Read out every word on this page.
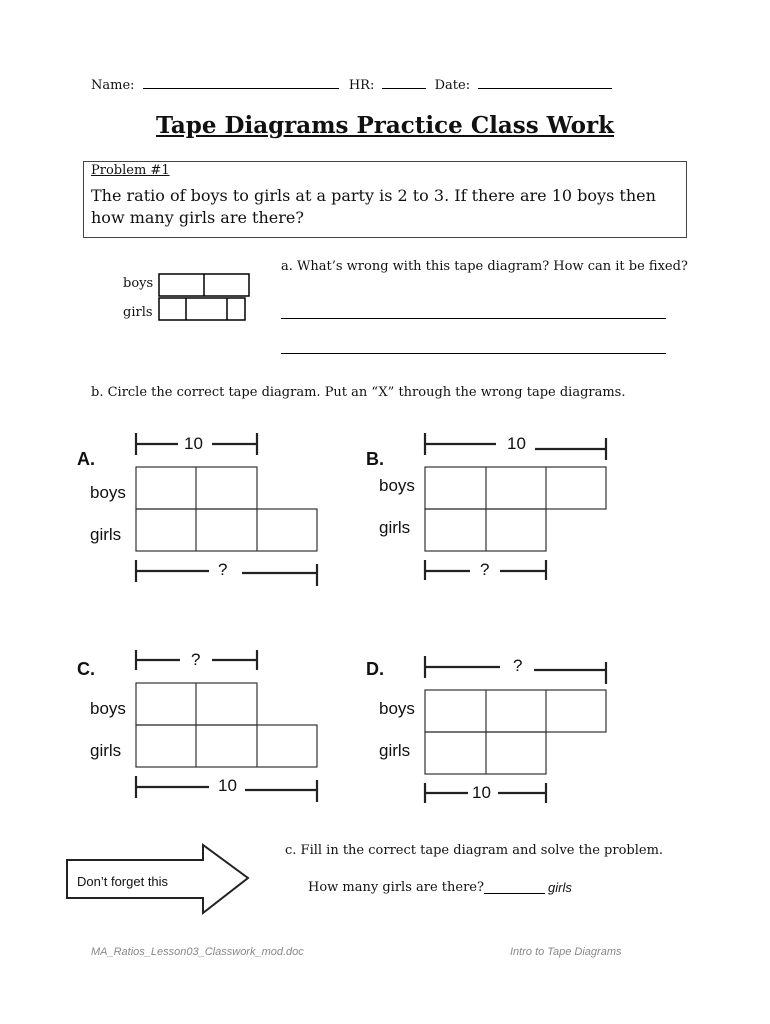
Name:	HR:	Date:
Tape Diagrams Practice Class Work
Problem #1
The ratio of boys to girls at a party is 2 to 3. If there are 10 boys then how many girls are there?
boys
girls
a. What’s wrong with this tape diagram? How can it be fixed?
b. Circle the correct tape diagram. Put an “X” through the wrong tape diagrams.
A.
boys
girls
10
?
B.
boys
girls
10
?
C.
boys
girls
?
10
D.
boys
girls
?
10
Don’t forget this
c. Fill in the correct tape diagram and solve the problem.
How many girls are there?	girls
MA_Ratios_Lesson03_Classwork_mod.doc	Intro to Tape Diagrams
